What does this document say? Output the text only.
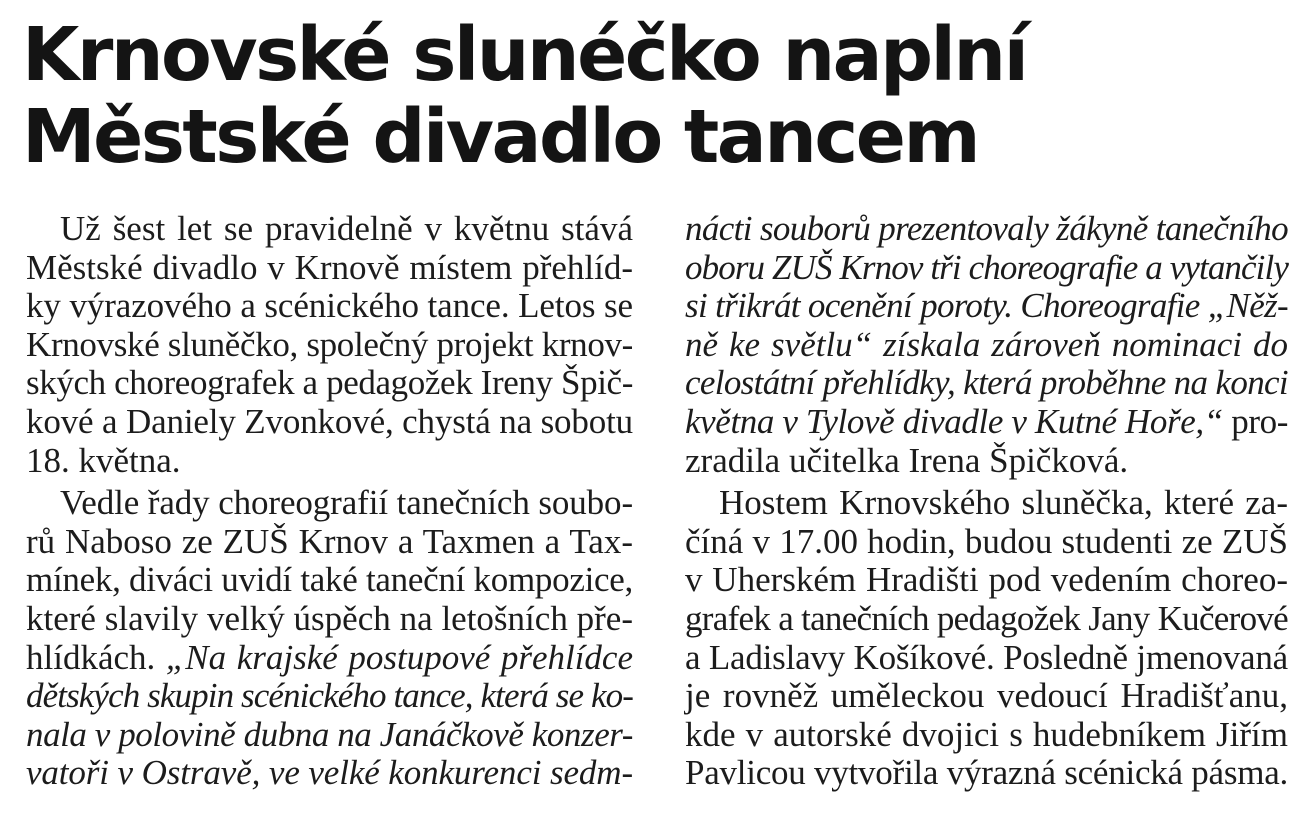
Krnovské slunéčko naplní
Městské divadlo tancem
Už šest let se pravidelně v květnu stává
Městské divadlo v Krnově místem přehlíd-
ky výrazového a scénického tance. Letos se
Krnovské sluněčko, společný projekt krnov-
ských choreografek a pedagožek Ireny Špič-
kové a Daniely Zvonkové, chystá na sobotu
18. května.
Vedle řady choreografií tanečních soubo-
rů Naboso ze ZUŠ Krnov a Taxmen a Tax-
mínek, diváci uvidí také taneční kompozice,
které slavily velký úspěch na letošních pře-
hlídkách. „Na krajské postupové přehlídce
dětských skupin scénického tance, která se ko-
nala v polovině dubna na Janáčkově konzer-
vatoři v Ostravě, ve velké konkurenci sedm-
nácti souborů prezentovaly žákyně tanečního
oboru ZUŠ Krnov tři choreografie a vytančily
si třikrát ocenění poroty. Choreografie „Něž-
ně ke světlu“ získala zároveň nominaci do
celostátní přehlídky, která proběhne na konci
května v Tylově divadle v Kutné Hoře,“ pro-
zradila učitelka Irena Špičková.
Hostem Krnovského sluněčka, které za-
číná v 17.00 hodin, budou studenti ze ZUŠ
v Uherském Hradišti pod vedením choreo-
grafek a tanečních pedagožek Jany Kučerové
a Ladislavy Košíkové. Posledně jmenovaná
je rovněž uměleckou vedoucí Hradišťanu,
kde v autorské dvojici s hudebníkem Jiřím
Pavlicou vytvořila výrazná scénická pásma.
